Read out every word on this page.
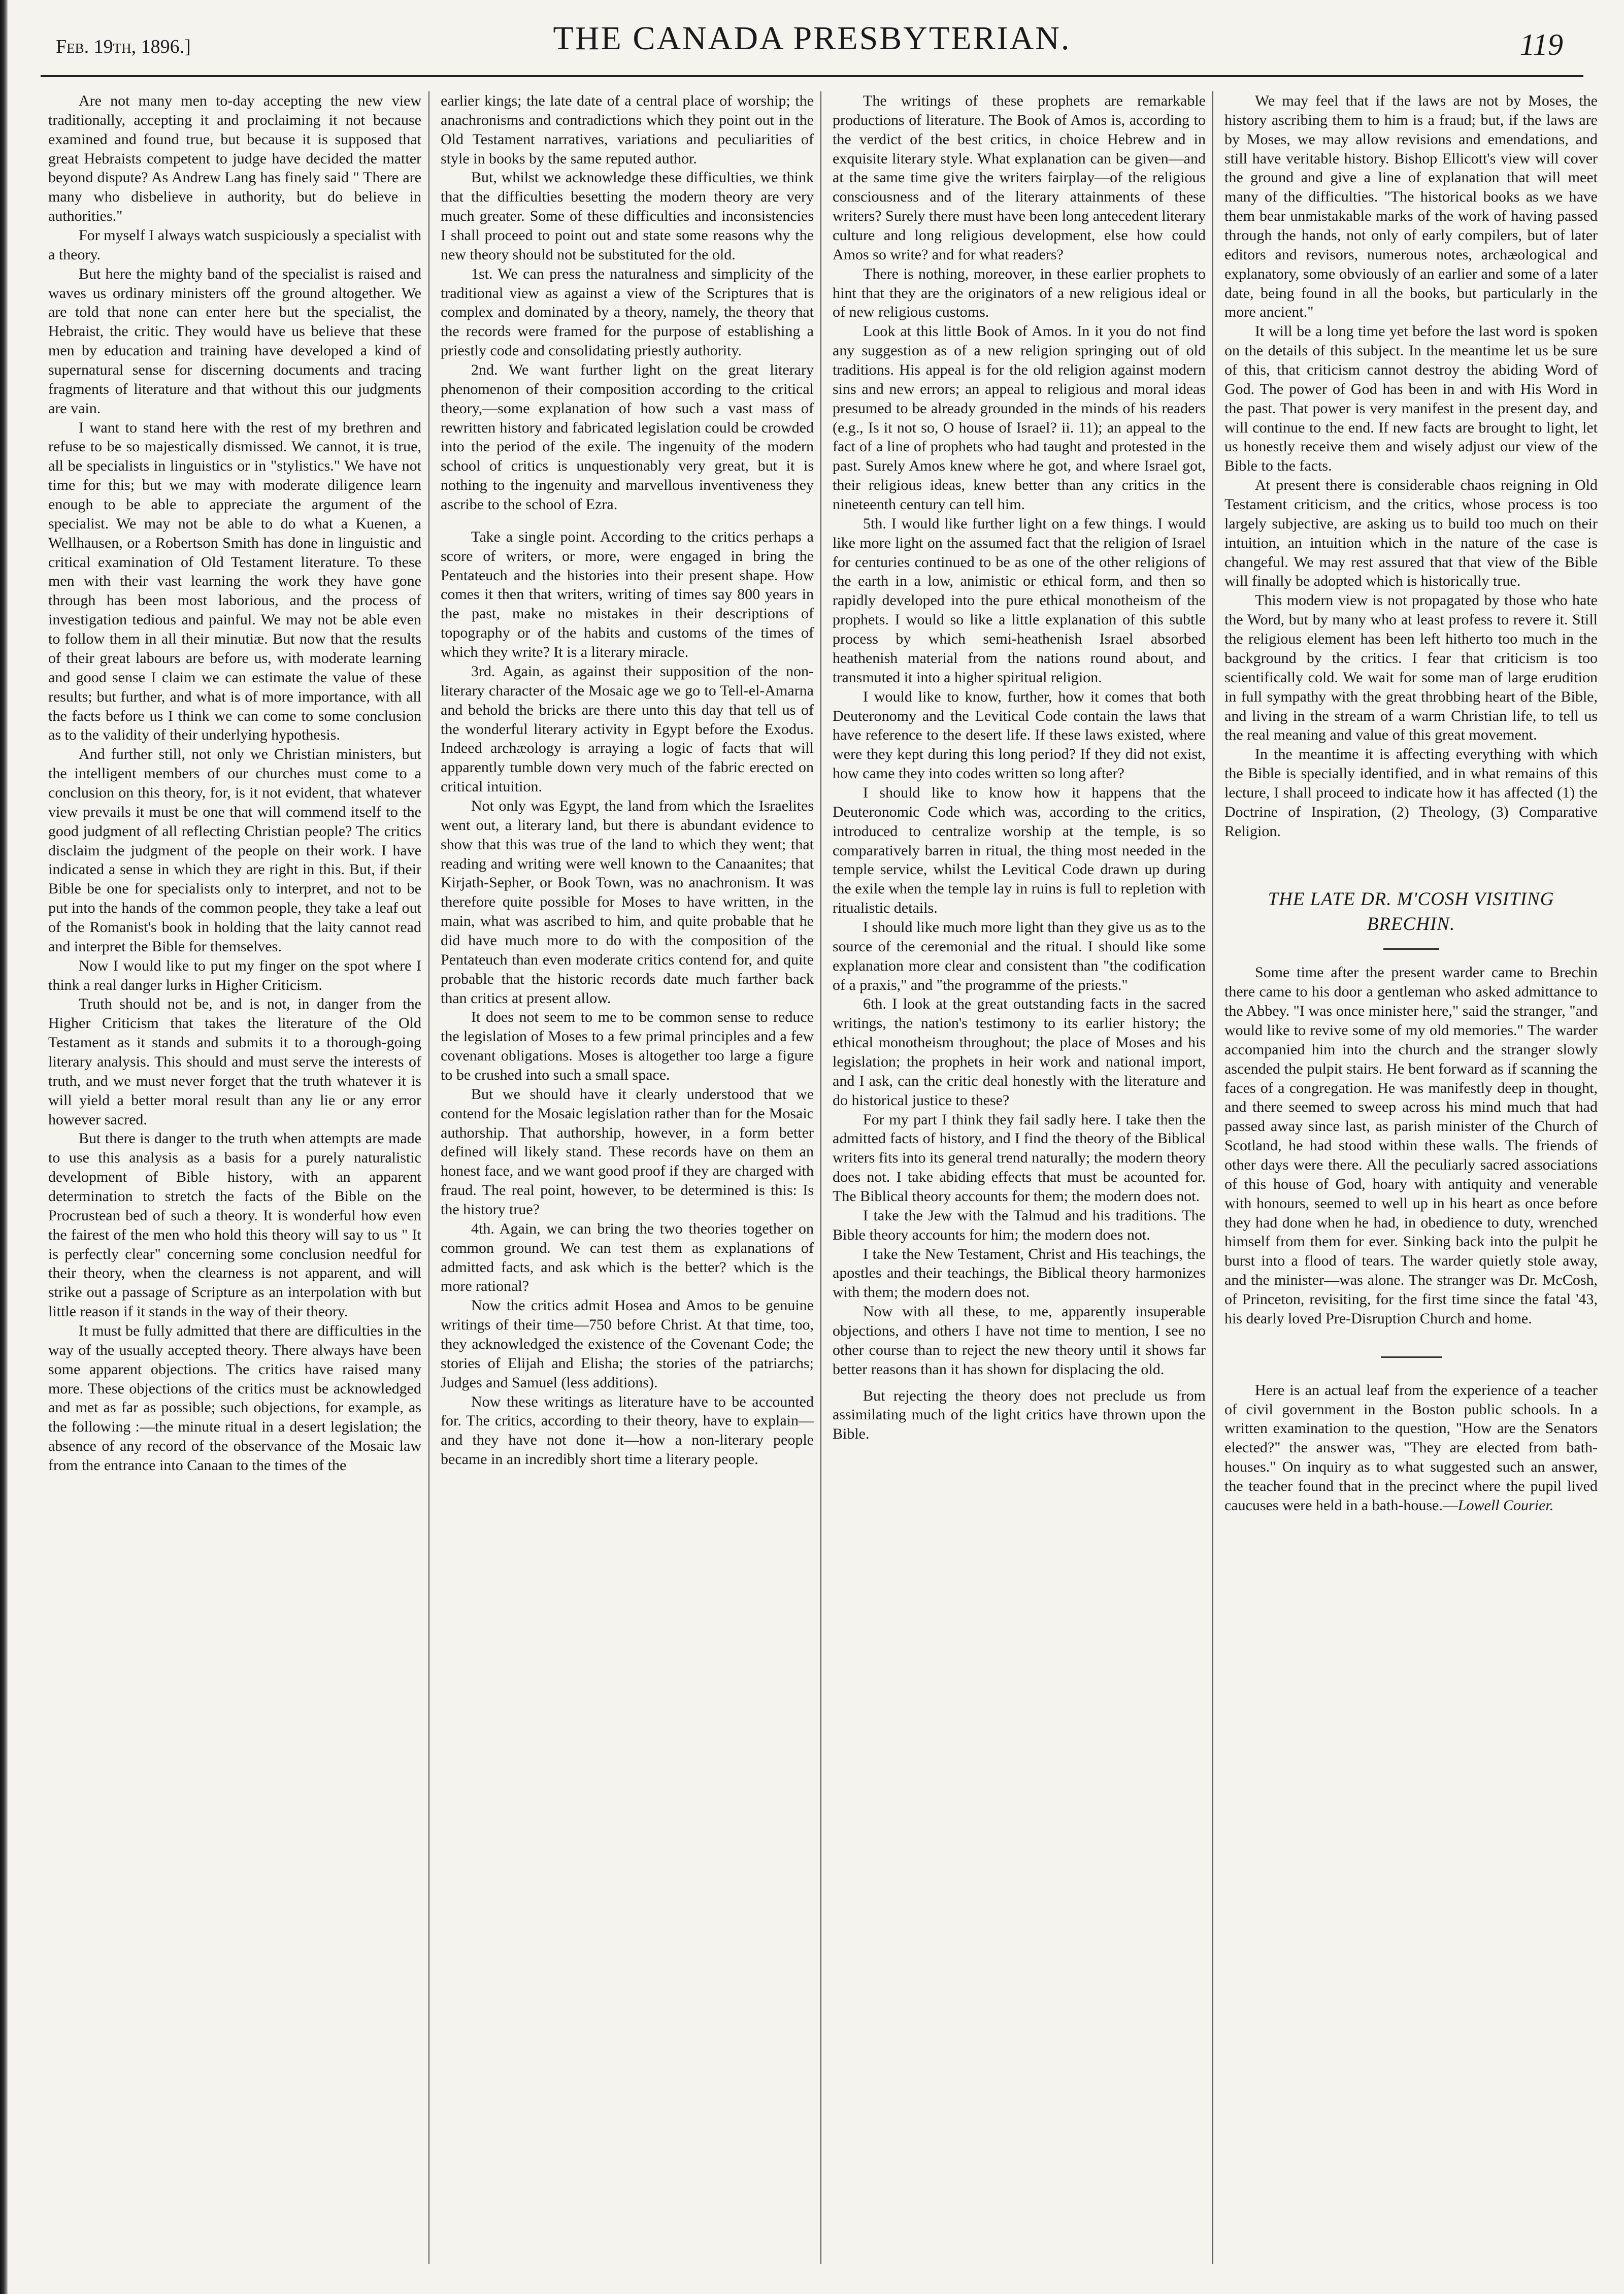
Feb. 19th, 1896.]	THE CANADA PRESBYTERIAN.	119

Are not many men to-day accepting the new view traditionally, accepting it and proclaiming it not because examined and found true, but because it is supposed that great Hebraists competent to judge have decided the matter beyond dispute? As Andrew Lang has finely said " There are many who disbelieve in authority, but do believe in authorities."

For myself I always watch suspiciously a specialist with a theory.

But here the mighty band of the specialist is raised and waves us ordinary ministers off the ground altogether. We are told that none can enter here but the specialist, the Hebraist, the critic. They would have us believe that these men by education and training have developed a kind of supernatural sense for discerning documents and tracing fragments of literature and that without this our judgments are vain.

I want to stand here with the rest of my brethren and refuse to be so majestically dismissed. We cannot, it is true, all be specialists in linguistics or in "stylistics." We have not time for this; but we may with moderate diligence learn enough to be able to appreciate the argument of the specialist. We may not be able to do what a Kuenen, a Wellhausen, or a Robertson Smith has done in linguistic and critical examination of Old Testament literature. To these men with their vast learning the work they have gone through has been most laborious, and the process of investigation tedious and painful. We may not be able even to follow them in all their minutiæ. But now that the results of their great labours are before us, with moderate learning and good sense I claim we can estimate the value of these results; but further, and what is of more importance, with all the facts before us I think we can come to some conclusion as to the validity of their underlying hypothesis.

And further still, not only we Christian ministers, but the intelligent members of our churches must come to a conclusion on this theory, for, is it not evident, that whatever view prevails it must be one that will commend itself to the good judgment of all reflecting Christian people? The critics disclaim the judgment of the people on their work. I have indicated a sense in which they are right in this. But, if their Bible be one for specialists only to interpret, and not to be put into the hands of the common people, they take a leaf out of the Romanist's book in holding that the laity cannot read and interpret the Bible for themselves.

Now I would like to put my finger on the spot where I think a real danger lurks in Higher Criticism.

Truth should not be, and is not, in danger from the Higher Criticism that takes the literature of the Old Testament as it stands and submits it to a thorough-going literary analysis. This should and must serve the interests of truth, and we must never forget that the truth whatever it is will yield a better moral result than any lie or any error however sacred.

But there is danger to the truth when attempts are made to use this analysis as a basis for a purely naturalistic development of Bible history, with an apparent determination to stretch the facts of the Bible on the Procrustean bed of such a theory. It is wonderful how even the fairest of the men who hold this theory will say to us " It is perfectly clear" concerning some conclusion needful for their theory, when the clearness is not apparent, and will strike out a passage of Scripture as an interpolation with but little reason if it stands in the way of their theory.

It must be fully admitted that there are difficulties in the way of the usually accepted theory. There always have been some apparent objections. The critics have raised many more. These objections of the critics must be acknowledged and met as far as possible; such objections, for example, as the following :—the minute ritual in a desert legislation; the absence of any record of the observance of the Mosaic law from the entrance into Canaan to the times of the

earlier kings; the late date of a central place of worship; the anachronisms and contradictions which they point out in the Old Testament narratives, variations and peculiarities of style in books by the same reputed author.

But, whilst we acknowledge these difficulties, we think that the difficulties besetting the modern theory are very much greater. Some of these difficulties and inconsistencies I shall proceed to point out and state some reasons why the new theory should not be substituted for the old.

1st. We can press the naturalness and simplicity of the traditional view as against a view of the Scriptures that is complex and dominated by a theory, namely, the theory that the records were framed for the purpose of establishing a priestly code and consolidating priestly authority.

2nd. We want further light on the great literary phenomenon of their composition according to the critical theory,—some explanation of how such a vast mass of rewritten history and fabricated legislation could be crowded into the period of the exile. The ingenuity of the modern school of critics is unquestionably very great, but it is nothing to the ingenuity and marvellous inventiveness they ascribe to the school of Ezra.

Take a single point. According to the critics perhaps a score of writers, or more, were engaged in bring the Pentateuch and the histories into their present shape. How comes it then that writers, writing of times say 800 years in the past, make no mistakes in their descriptions of topography or of the habits and customs of the times of which they write? It is a literary miracle.

3rd. Again, as against their supposition of the non-literary character of the Mosaic age we go to Tell-el-Amarna and behold the bricks are there unto this day that tell us of the wonderful literary activity in Egypt before the Exodus. Indeed archæology is arraying a logic of facts that will apparently tumble down very much of the fabric erected on critical intuition.

Not only was Egypt, the land from which the Israelites went out, a literary land, but there is abundant evidence to show that this was true of the land to which they went; that reading and writing were well known to the Canaanites; that Kirjath-Sepher, or Book Town, was no anachronism. It was therefore quite possible for Moses to have written, in the main, what was ascribed to him, and quite probable that he did have much more to do with the composition of the Pentateuch than even moderate critics contend for, and quite probable that the historic records date much farther back than critics at present allow.

It does not seem to me to be common sense to reduce the legislation of Moses to a few primal principles and a few covenant obligations. Moses is altogether too large a figure to be crushed into such a small space.

But we should have it clearly understood that we contend for the Mosaic legislation rather than for the Mosaic authorship. That authorship, however, in a form better defined will likely stand. These records have on them an honest face, and we want good proof if they are charged with fraud. The real point, however, to be determined is this: Is the history true?

4th. Again, we can bring the two theories together on common ground. We can test them as explanations of admitted facts, and ask which is the better? which is the more rational?

Now the critics admit Hosea and Amos to be genuine writings of their time—750 before Christ. At that time, too, they acknowledged the existence of the Covenant Code; the stories of Elijah and Elisha; the stories of the patriarchs; Judges and Samuel (less additions).

Now these writings as literature have to be accounted for. The critics, according to their theory, have to explain—and they have not done it—how a non-literary people became in an incredibly short time a literary people.

The writings of these prophets are remarkable productions of literature. The Book of Amos is, according to the verdict of the best critics, in choice Hebrew and in exquisite literary style. What explanation can be given—and at the same time give the writers fairplay—of the religious consciousness and of the literary attainments of these writers? Surely there must have been long antecedent literary culture and long religious development, else how could Amos so write? and for what readers?

There is nothing, moreover, in these earlier prophets to hint that they are the originators of a new religious ideal or of new religious customs.

Look at this little Book of Amos. In it you do not find any suggestion as of a new religion springing out of old traditions. His appeal is for the old religion against modern sins and new errors; an appeal to religious and moral ideas presumed to be already grounded in the minds of his readers (e.g., Is it not so, O house of Israel? ii. 11); an appeal to the fact of a line of prophets who had taught and protested in the past. Surely Amos knew where he got, and where Israel got, their religious ideas, knew better than any critics in the nineteenth century can tell him.

5th. I would like further light on a few things. I would like more light on the assumed fact that the religion of Israel for centuries continued to be as one of the other religions of the earth in a low, animistic or ethical form, and then so rapidly developed into the pure ethical monotheism of the prophets. I would so like a little explanation of this subtle process by which semi-heathenish Israel absorbed heathenish material from the nations round about, and transmuted it into a higher spiritual religion.

I would like to know, further, how it comes that both Deuteronomy and the Levitical Code contain the laws that have reference to the desert life. If these laws existed, where were they kept during this long period? If they did not exist, how came they into codes written so long after?

I should like to know how it happens that the Deuteronomic Code which was, according to the critics, introduced to centralize worship at the temple, is so comparatively barren in ritual, the thing most needed in the temple service, whilst the Levitical Code drawn up during the exile when the temple lay in ruins is full to repletion with ritualistic details.

I should like much more light than they give us as to the source of the ceremonial and the ritual. I should like some explanation more clear and consistent than "the codification of a praxis," and "the programme of the priests."

6th. I look at the great outstanding facts in the sacred writings, the nation's testimony to its earlier history; the ethical monotheism throughout; the place of Moses and his legislation; the prophets in heir work and national import, and I ask, can the critic deal honestly with the literature and do historical justice to these?

For my part I think they fail sadly here. I take then the admitted facts of history, and I find the theory of the Biblical writers fits into its general trend naturally; the modern theory does not. I take abiding effects that must be acounted for. The Biblical theory accounts for them; the modern does not.

I take the Jew with the Talmud and his traditions. The Bible theory accounts for him; the modern does not.

I take the New Testament, Christ and His teachings, the apostles and their teachings, the Biblical theory harmonizes with them; the modern does not.

Now with all these, to me, apparently insuperable objections, and others I have not time to mention, I see no other course than to reject the new theory until it shows far better reasons than it has shown for displacing the old.

But rejecting the theory does not preclude us from assimilating much of the light critics have thrown upon the Bible.

We may feel that if the laws are not by Moses, the history ascribing them to him is a fraud; but, if the laws are by Moses, we may allow revisions and emendations, and still have veritable history. Bishop Ellicott's view will cover the ground and give a line of explanation that will meet many of the difficulties. "The historical books as we have them bear unmistakable marks of the work of having passed through the hands, not only of early compilers, but of later editors and revisors, numerous notes, archæological and explanatory, some obviously of an earlier and some of a later date, being found in all the books, but particularly in the more ancient."

It will be a long time yet before the last word is spoken on the details of this subject. In the meantime let us be sure of this, that criticism cannot destroy the abiding Word of God. The power of God has been in and with His Word in the past. That power is very manifest in the present day, and will continue to the end. If new facts are brought to light, let us honestly receive them and wisely adjust our view of the Bible to the facts.

At present there is considerable chaos reigning in Old Testament criticism, and the critics, whose process is too largely subjective, are asking us to build too much on their intuition, an intuition which in the nature of the case is changeful. We may rest assured that that view of the Bible will finally be adopted which is historically true.

This modern view is not propagated by those who hate the Word, but by many who at least profess to revere it. Still the religious element has been left hitherto too much in the background by the critics. I fear that criticism is too scientifically cold. We wait for some man of large erudition in full sympathy with the great throbbing heart of the Bible, and living in the stream of a warm Christian life, to tell us the real meaning and value of this great movement.

In the meantime it is affecting everything with which the Bible is specially identified, and in what remains of this lecture, I shall proceed to indicate how it has affected (1) the Doctrine of Inspiration, (2) Theology, (3) Comparative Religion.

THE LATE DR. M'COSH VISITING
BRECHIN.

Some time after the present warder came to Brechin there came to his door a gentleman who asked admittance to the Abbey. "I was once minister here," said the stranger, "and would like to revive some of my old memories." The warder accompanied him into the church and the stranger slowly ascended the pulpit stairs. He bent forward as if scanning the faces of a congregation. He was manifestly deep in thought, and there seemed to sweep across his mind much that had passed away since last, as parish minister of the Church of Scotland, he had stood within these walls. The friends of other days were there. All the peculiarly sacred associations of this house of God, hoary with antiquity and venerable with honours, seemed to well up in his heart as once before they had done when he had, in obedience to duty, wrenched himself from them for ever. Sinking back into the pulpit he burst into a flood of tears. The warder quietly stole away, and the minister—was alone. The stranger was Dr. McCosh, of Princeton, revisiting, for the first time since the fatal '43, his dearly loved Pre-Disruption Church and home.

Here is an actual leaf from the experience of a teacher of civil government in the Boston public schools. In a written examination to the question, "How are the Senators elected?" the answer was, "They are elected from bath-houses." On inquiry as to what suggested such an answer, the teacher found that in the precinct where the pupil lived caucuses were held in a bath-house.—Lowell Courier.
